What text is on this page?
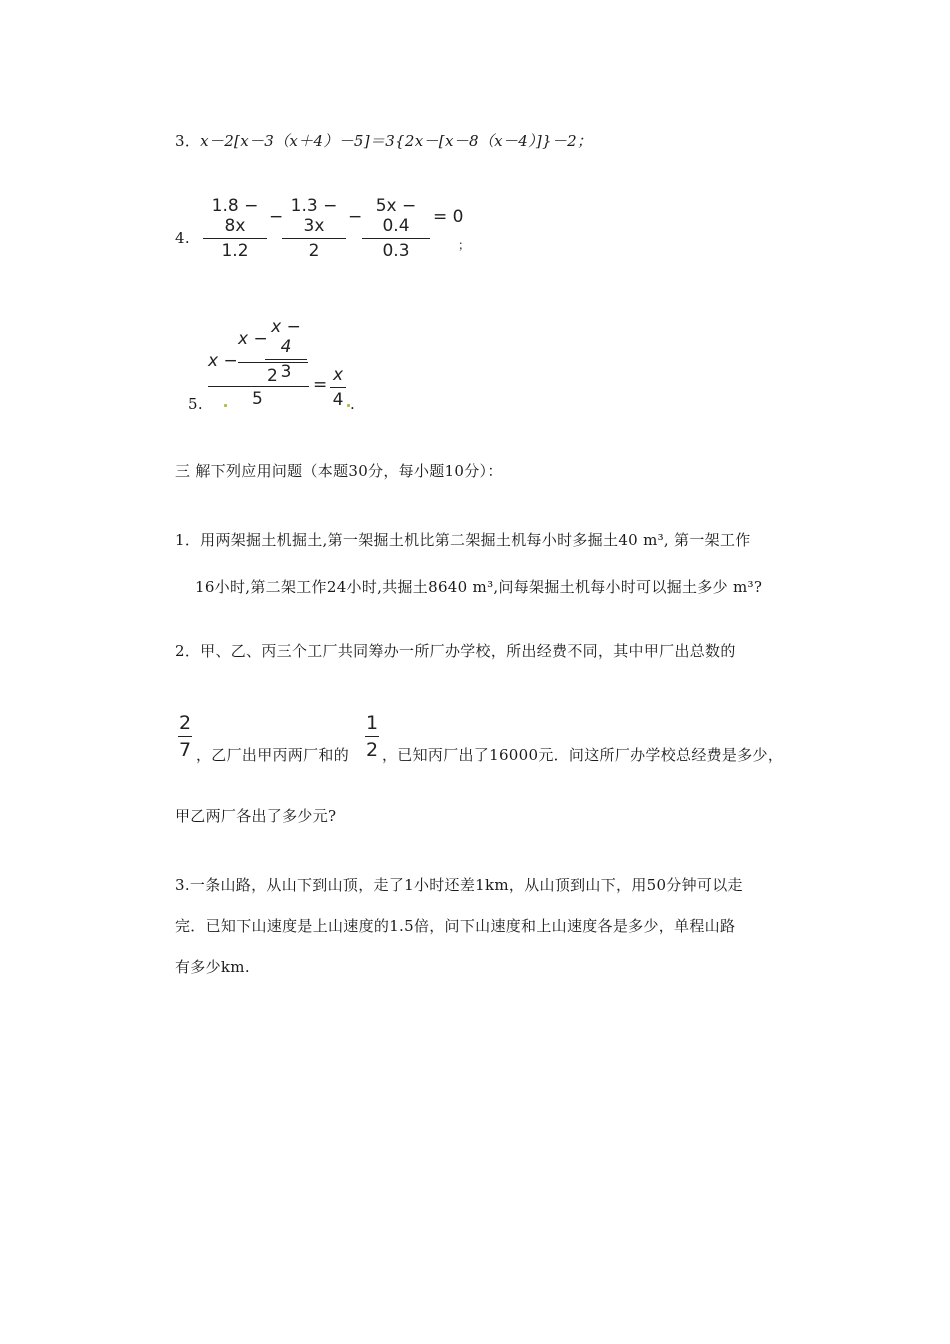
3．x－2[x－3（x＋4）－5]＝3{2x－[x－8（x－4）]}－2；
4.
1.8 − 8x
1.2
−
1.3 − 3x
2
−
5x − 0.4
0.3
= 0
；
5.
x − 4
3
x −
2
x −
5
= x
4 .
三 解下列应用问题（本题30分，每小题10分）：
1．用两架掘土机掘土,第一架掘土机比第二架掘土机每小时多掘土40 m³, 第一架工作
16小时,第二架工作24小时,共掘土8640 m³,问每架掘土机每小时可以掘土多少 m³?
2．甲、乙、丙三个工厂共同筹办一所厂办学校，所出经费不同，其中甲厂出总数的
2
7 ，乙厂出甲丙两厂和的
1
2 ，已知丙厂出了16000元．问这所厂办学校总经费是多少，
甲乙两厂各出了多少元?
3.一条山路，从山下到山顶，走了1小时还差1km，从山顶到山下，用50分钟可以走
完．已知下山速度是上山速度的1.5倍，问下山速度和上山速度各是多少，单程山路
有多少km.
